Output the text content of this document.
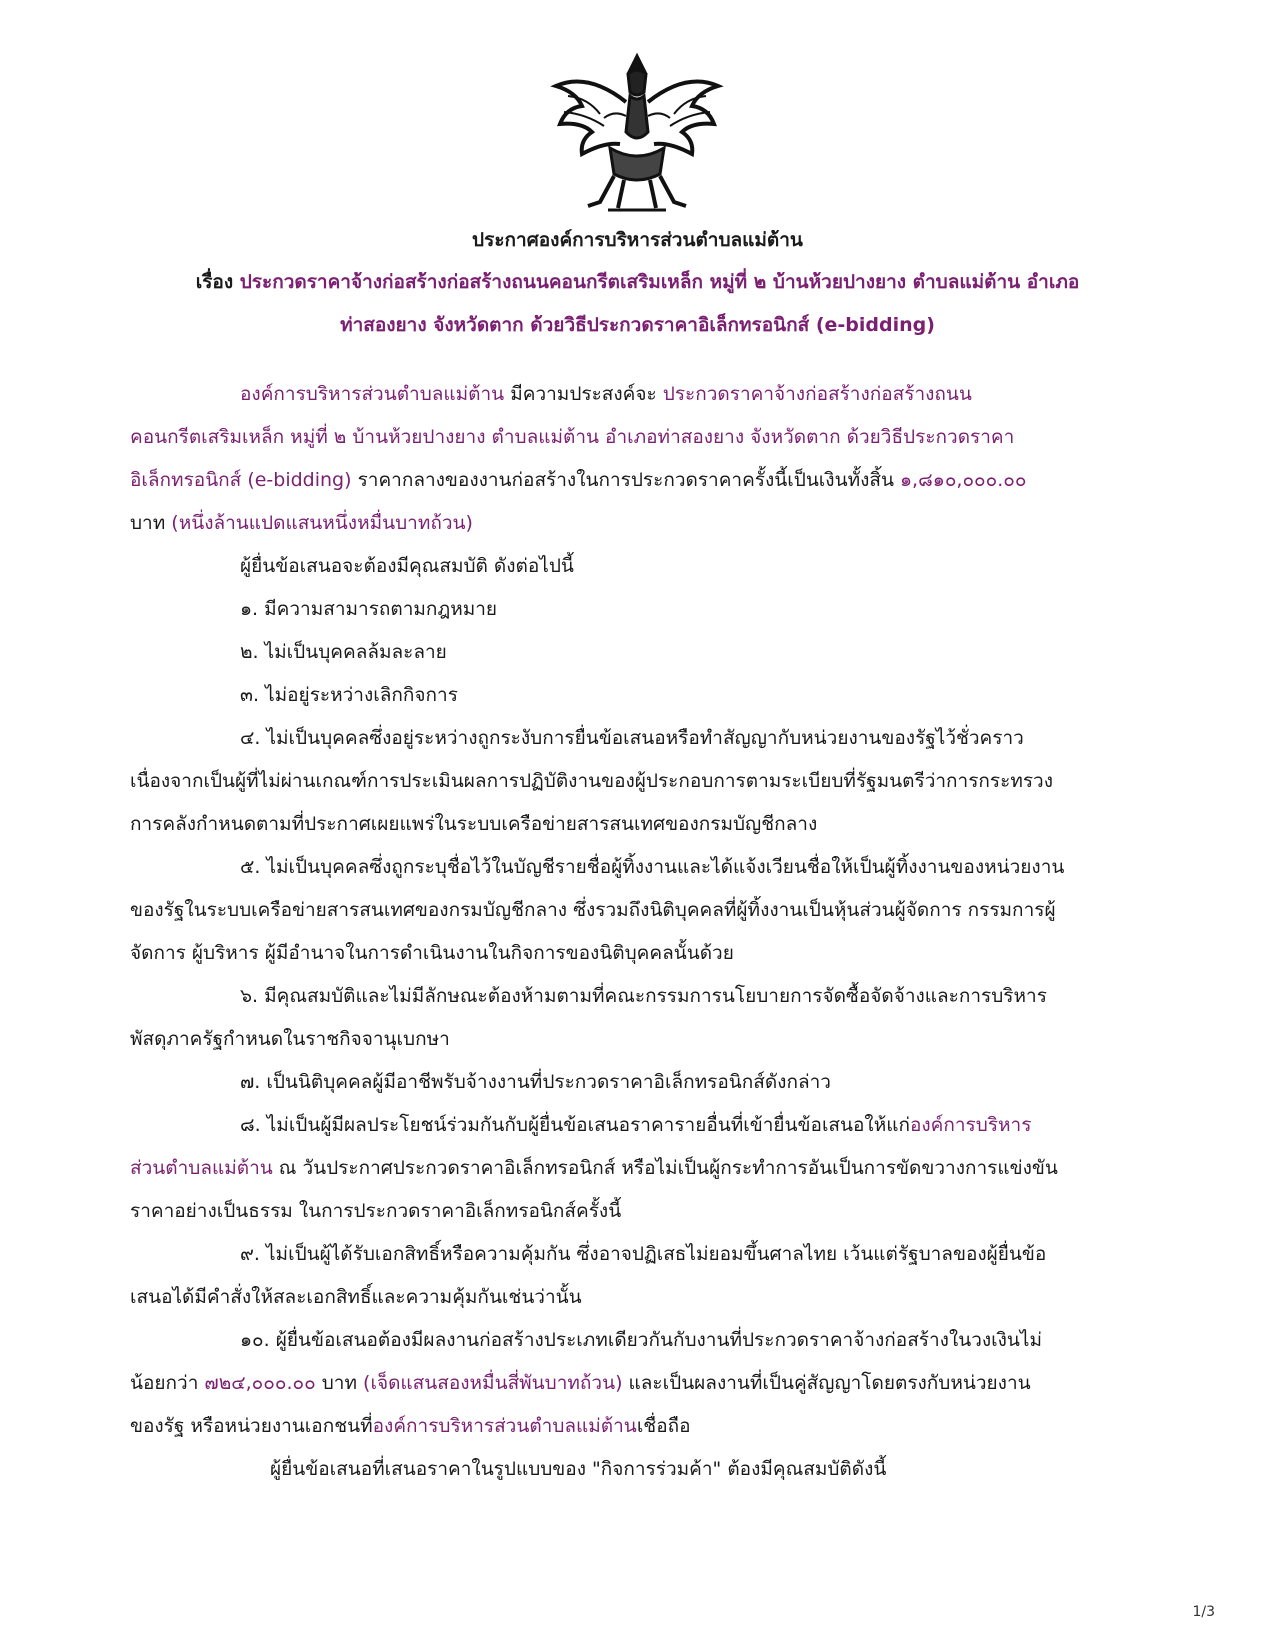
ประกาศองค์การบริหารส่วนตำบลแม่ต้าน
เรื่อง ประกวดราคาจ้างก่อสร้างก่อสร้างถนนคอนกรีตเสริมเหล็ก หมู่ที่ ๒ บ้านห้วยปางยาง ตำบลแม่ต้าน อำเภอ
ท่าสองยาง จังหวัดตาก ด้วยวิธีประกวดราคาอิเล็กทรอนิกส์ (e-bidding)
องค์การบริหารส่วนตำบลแม่ต้าน มีความประสงค์จะ ประกวดราคาจ้างก่อสร้างก่อสร้างถนน
คอนกรีตเสริมเหล็ก หมู่ที่ ๒ บ้านห้วยปางยาง ตำบลแม่ต้าน อำเภอท่าสองยาง จังหวัดตาก ด้วยวิธีประกวดราคา
อิเล็กทรอนิกส์ (e-bidding) ราคากลางของงานก่อสร้างในการประกวดราคาครั้งนี้เป็นเงินทั้งสิ้น ๑,๘๑๐,๐๐๐.๐๐
บาท (หนึ่งล้านแปดแสนหนึ่งหมื่นบาทถ้วน)
ผู้ยื่นข้อเสนอจะต้องมีคุณสมบัติ ดังต่อไปนี้
๑. มีความสามารถตามกฎหมาย
๒. ไม่เป็นบุคคลล้มละลาย
๓. ไม่อยู่ระหว่างเลิกกิจการ
๔. ไม่เป็นบุคคลซึ่งอยู่ระหว่างถูกระงับการยื่นข้อเสนอหรือทำสัญญากับหน่วยงานของรัฐไว้ชั่วคราว
เนื่องจากเป็นผู้ที่ไม่ผ่านเกณฑ์การประเมินผลการปฏิบัติงานของผู้ประกอบการตามระเบียบที่รัฐมนตรีว่าการกระทรวง
การคลังกำหนดตามที่ประกาศเผยแพร่ในระบบเครือข่ายสารสนเทศของกรมบัญชีกลาง
๕. ไม่เป็นบุคคลซึ่งถูกระบุชื่อไว้ในบัญชีรายชื่อผู้ทิ้งงานและได้แจ้งเวียนชื่อให้เป็นผู้ทิ้งงานของหน่วยงาน
ของรัฐในระบบเครือข่ายสารสนเทศของกรมบัญชีกลาง ซึ่งรวมถึงนิติบุคคลที่ผู้ทิ้งงานเป็นหุ้นส่วนผู้จัดการ กรรมการผู้
จัดการ ผู้บริหาร ผู้มีอำนาจในการดำเนินงานในกิจการของนิติบุคคลนั้นด้วย
๖. มีคุณสมบัติและไม่มีลักษณะต้องห้ามตามที่คณะกรรมการนโยบายการจัดซื้อจัดจ้างและการบริหาร
พัสดุภาครัฐกำหนดในราชกิจจานุเบกษา
๗. เป็นนิติบุคคลผู้มีอาชีพรับจ้างงานที่ประกวดราคาอิเล็กทรอนิกส์ดังกล่าว
๘. ไม่เป็นผู้มีผลประโยชน์ร่วมกันกับผู้ยื่นข้อเสนอราคารายอื่นที่เข้ายื่นข้อเสนอให้แก่องค์การบริหาร
ส่วนตำบลแม่ต้าน ณ วันประกาศประกวดราคาอิเล็กทรอนิกส์ หรือไม่เป็นผู้กระทำการอันเป็นการขัดขวางการแข่งขัน
ราคาอย่างเป็นธรรม ในการประกวดราคาอิเล็กทรอนิกส์ครั้งนี้
๙. ไม่เป็นผู้ได้รับเอกสิทธิ์หรือความคุ้มกัน ซึ่งอาจปฏิเสธไม่ยอมขึ้นศาลไทย เว้นแต่รัฐบาลของผู้ยื่นข้อ
เสนอได้มีคำสั่งให้สละเอกสิทธิ์และความคุ้มกันเช่นว่านั้น
๑๐. ผู้ยื่นข้อเสนอต้องมีผลงานก่อสร้างประเภทเดียวกันกับงานที่ประกวดราคาจ้างก่อสร้างในวงเงินไม่
น้อยกว่า ๗๒๔,๐๐๐.๐๐ บาท (เจ็ดแสนสองหมื่นสี่พันบาทถ้วน) และเป็นผลงานที่เป็นคู่สัญญาโดยตรงกับหน่วยงาน
ของรัฐ หรือหน่วยงานเอกชนที่องค์การบริหารส่วนตำบลแม่ต้านเชื่อถือ
ผู้ยื่นข้อเสนอที่เสนอราคาในรูปแบบของ "กิจการร่วมค้า" ต้องมีคุณสมบัติดังนี้
1/3
